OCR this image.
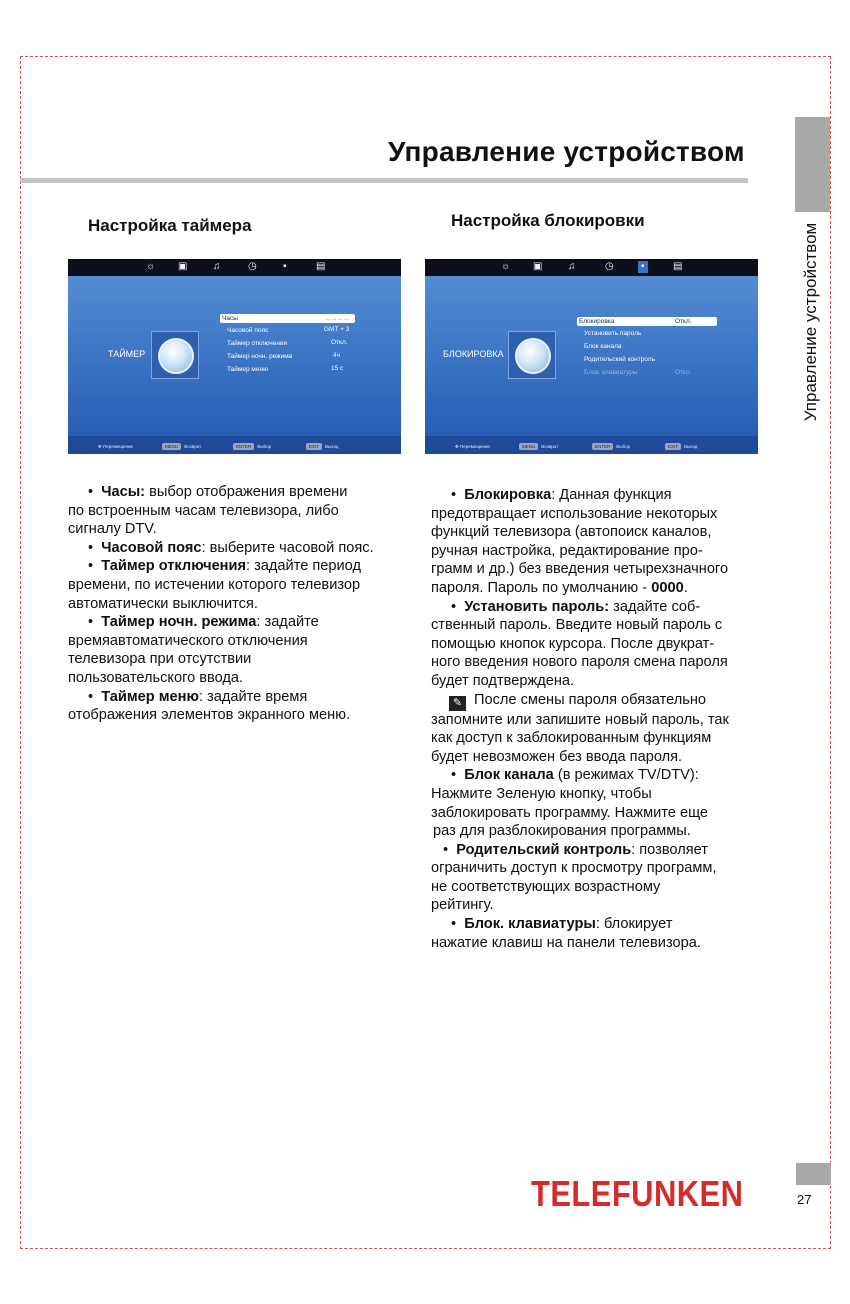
Управление устройством
Управление устройством
27
TELEFUNKEN
Настройка таймера	Настройка блокировки
☼ ▣	♫	◷	▪	▤
ТАЙМЕР
Часы	-- -- -- --
Часовой пояс	GMT + 3
Таймер отключения	Откл.
Таймер ночн. режима	4ч
Таймер меню	15 с
✥ Перемещение	MENU Возврат	ENTER Выбор	EXIT Выход
☼ ▣	♫	◷	▪	▤
БЛОКИРОВКА
Блокировка	Откл.
Установить пароль
Блок канала
Родительский контроль
Блок. клавиатуры	Откл.
✥ Перемещение	MENU Возврат	ENTER Выбор	EXIT Выход

•  Часы: выбор отображения времени

по встроенным часам телевизора, либо

сигналу DTV.

•  Часовой пояс: выберите часовой пояс.

•  Таймер отключения: задайте период

времени, по истечении которого телевизор

автоматически выключится.

•  Таймер ночн. режима: задайте

времяавтоматического отключения

телевизора при отсутствии

пользовательского ввода.

•  Таймер меню: задайте время

отображения элементов экранного меню.

•  Блокировка: Данная функция

предотвращает использование некоторых

функций телевизора (автопоиск каналов,

ручная настройка, редактирование про-

грамм и др.) без введения четырехзначного

пароля. Пароль по умолчанию - 0000.

•  Установить пароль: задайте соб-

ственный пароль. Введите новый пароль с

помощью кнопок курсора. После двукрат-

ного введения нового пароля смена пароля

будет подтверждена.

✎ После смены пароля обязательно

запомните или запишите новый пароль, так

как доступ к заблокированным функциям

будет невозможен без ввода пароля.

•  Блок канала (в режимах TV/DTV):

Нажмите Зеленую кнопку, чтобы

заблокировать программу. Нажмите еще

раз для разблокирования программы.

•  Родительский контроль: позволяет

ограничить доступ к просмотру программ,

не соответствующих возрастному

рейтингу.

•  Блок. клавиатуры: блокирует

нажатие клавиш на панели телевизора.
